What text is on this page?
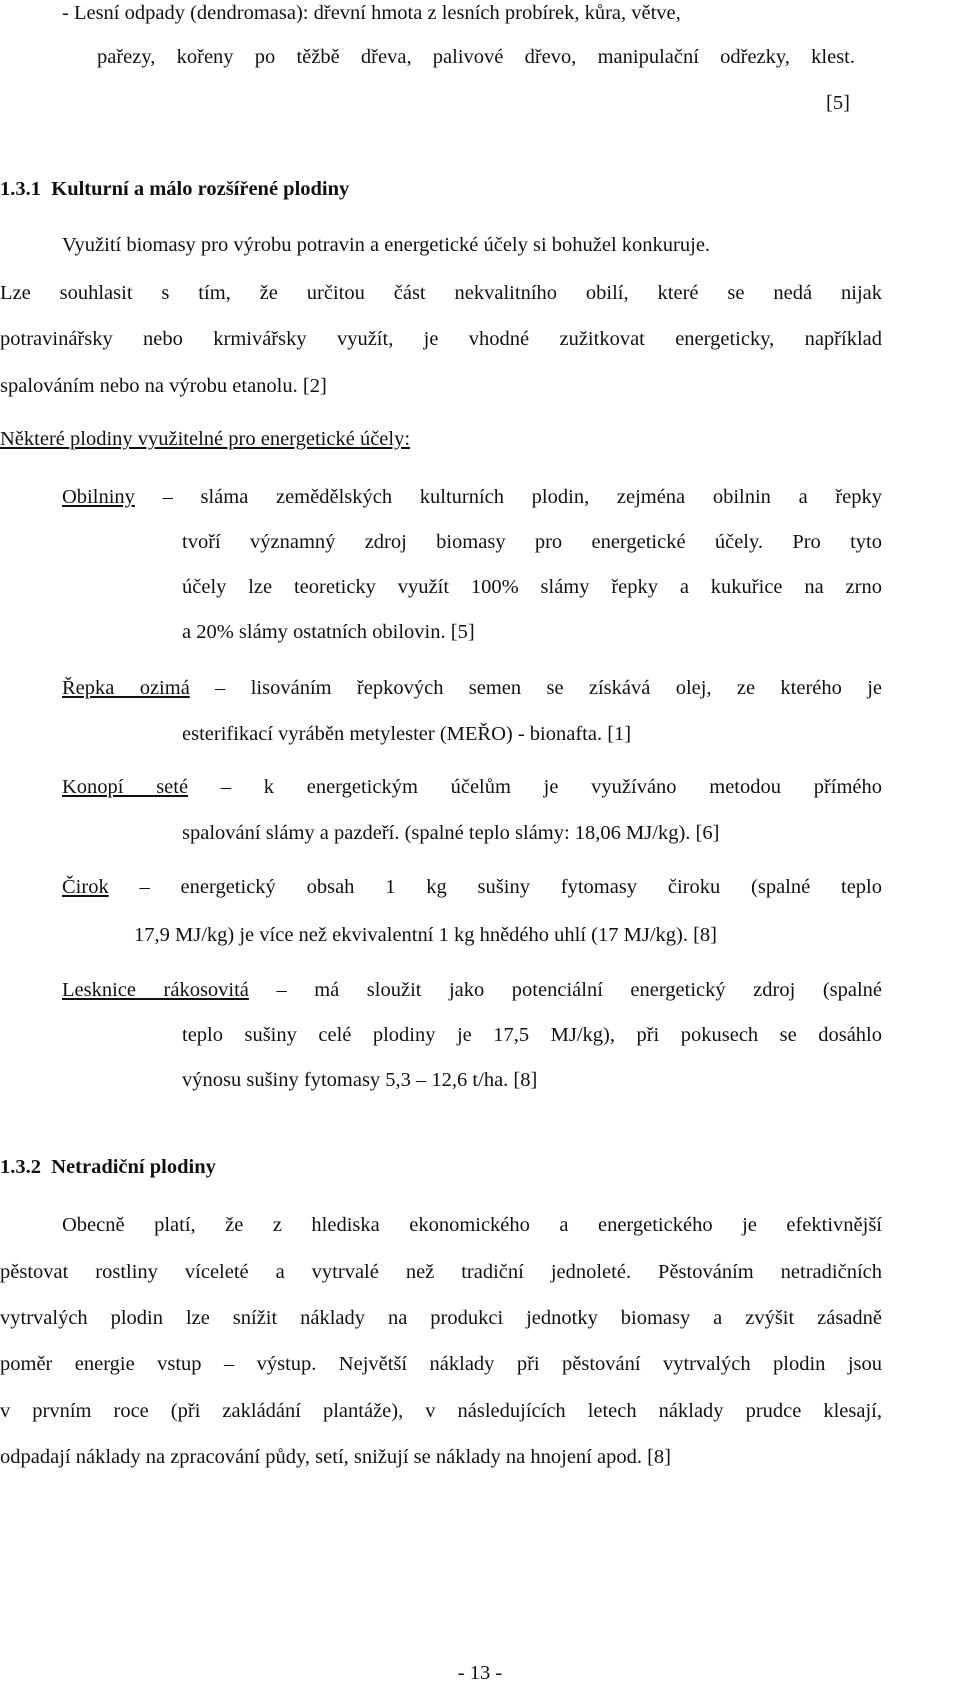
- Lesní odpady (dendromasa): dřevní hmota z lesních probírek, kůra, větve,
pařezy, kořeny po těžbě dřeva, palivové dřevo, manipulační odřezky, klest.
[5]
1.3.1 Kulturní a málo rozšířené plodiny
Využití biomasy pro výrobu potravin a energetické účely si bohužel konkuruje.
Lze souhlasit s tím, že určitou část nekvalitního obilí, které se nedá nijak
potravinářsky nebo krmivářsky využít, je vhodné zužitkovat energeticky, například
spalováním nebo na výrobu etanolu. [2]
Některé plodiny využitelné pro energetické účely:
Obilniny – sláma zemědělských kulturních plodin, zejména obilnin a řepky
tvoří významný zdroj biomasy pro energetické účely. Pro tyto
účely lze teoreticky využít 100% slámy řepky a kukuřice na zrno
a 20% slámy ostatních obilovin. [5]
Řepka ozimá – lisováním řepkových semen se získává olej, ze kterého je
esterifikací vyráběn metylester (MEŘO) - bionafta. [1]
Konopí seté – k energetickým účelům je využíváno metodou přímého
spalování slámy a pazdeří. (spalné teplo slámy: 18,06 MJ/kg). [6]
Čirok – energetický obsah 1 kg sušiny fytomasy čiroku (spalné teplo
17,9 MJ/kg) je více než ekvivalentní 1 kg hnědého uhlí (17 MJ/kg). [8]
Lesknice rákosovitá – má sloužit jako potenciální energetický zdroj (spalné
teplo sušiny celé plodiny je 17,5 MJ/kg), při pokusech se dosáhlo
výnosu sušiny fytomasy 5,3 – 12,6 t/ha. [8]
1.3.2 Netradiční plodiny
Obecně platí, že z hlediska ekonomického a energetického je efektivnější
pěstovat rostliny víceleté a vytrvalé než tradiční jednoleté. Pěstováním netradičních
vytrvalých plodin lze snížit náklady na produkci jednotky biomasy a zvýšit zásadně
poměr energie vstup – výstup. Největší náklady při pěstování vytrvalých plodin jsou
v prvním roce (při zakládání plantáže), v následujících letech náklady prudce klesají,
odpadají náklady na zpracování půdy, setí, snižují se náklady na hnojení apod. [8]
- 13 -
